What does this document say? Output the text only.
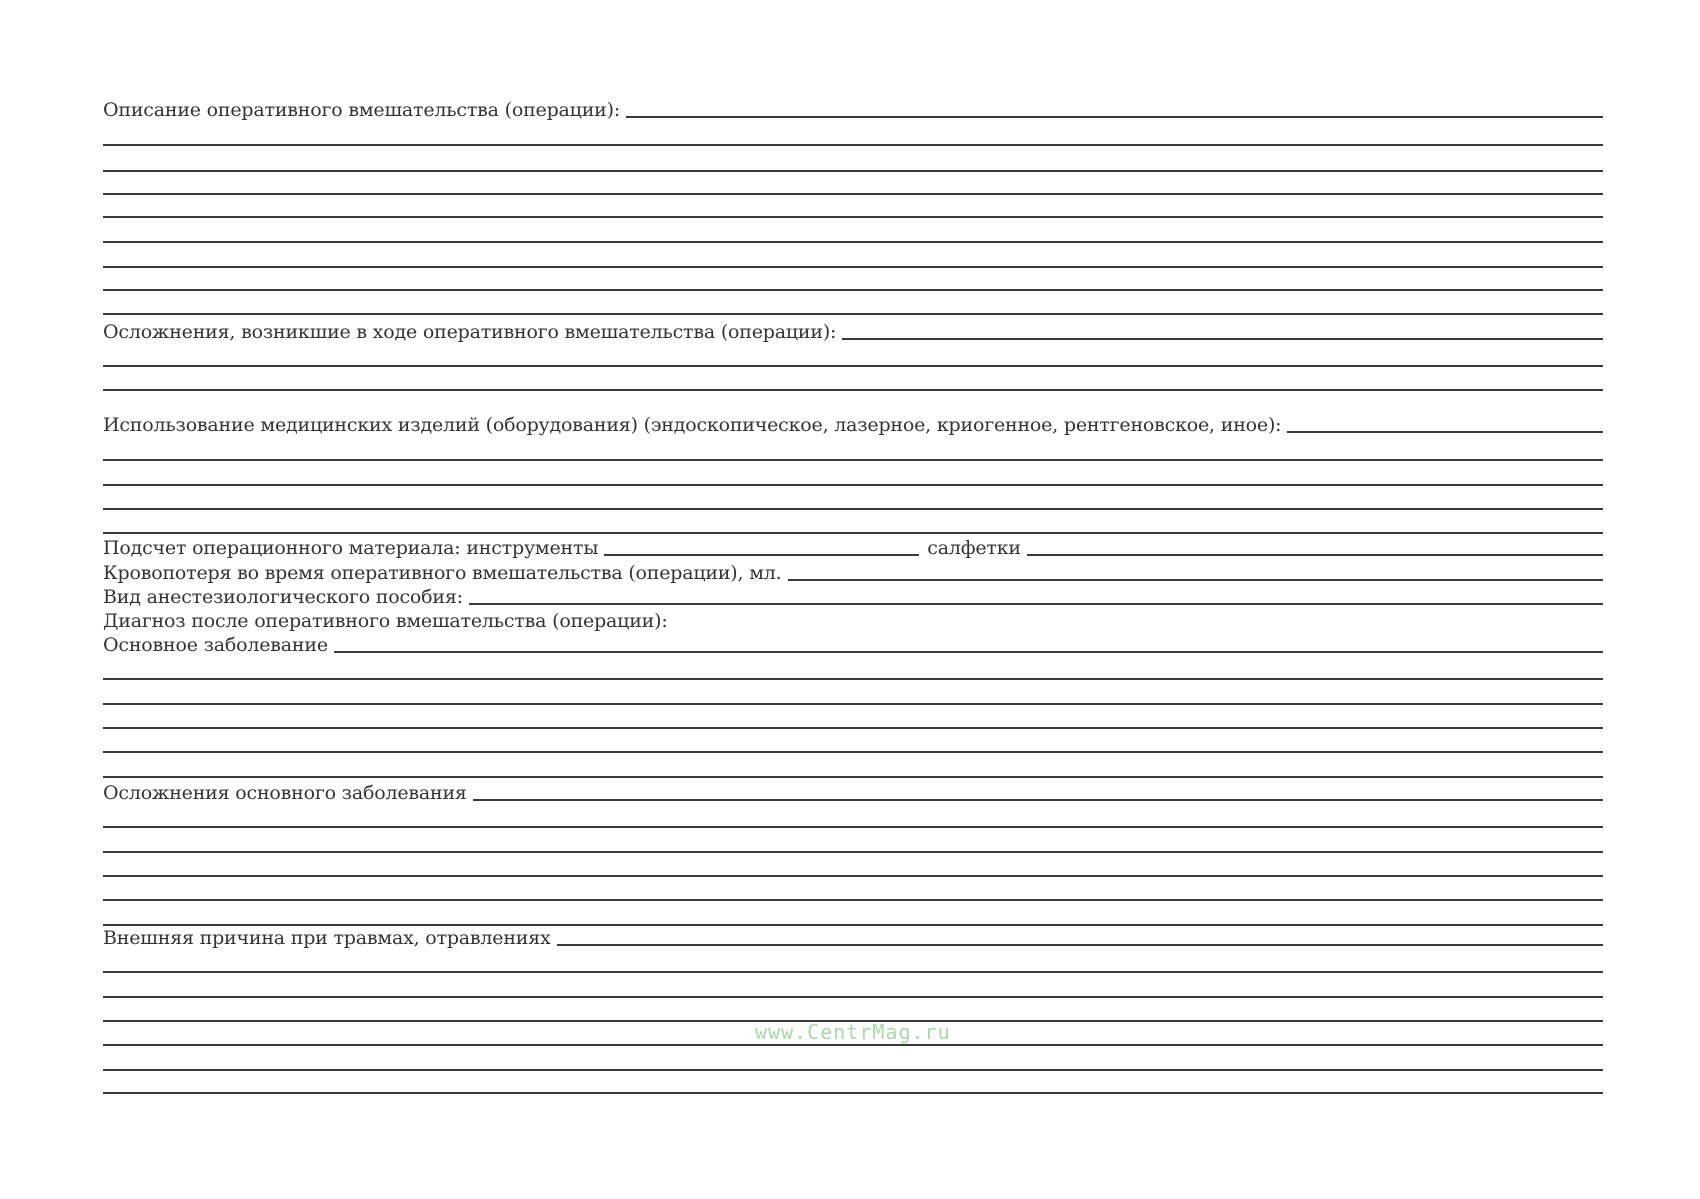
Описание оперативного вмешательства (операции):
Осложнения, возникшие в ходе оперативного вмешательства (операции):
Использование медицинских изделий (оборудования) (эндоскопическое, лазерное, криогенное, рентгеновское, иное):
Подсчет операционного материала: инструменты	салфетки
Кровопотеря во время оперативного вмешательства (операции), мл.
Вид анестезиологического пособия:
Диагноз после оперативного вмешательства (операции):
Основное заболевание
Осложнения основного заболевания
Внешняя причина при травмах, отравлениях
www.CentrMag.ru
